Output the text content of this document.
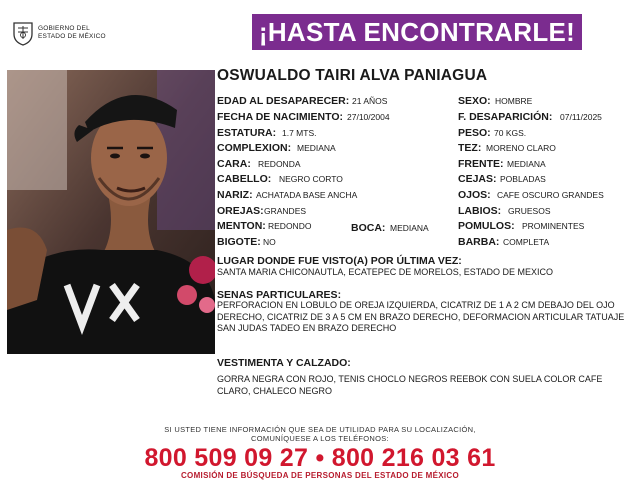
GOBIERNO DEL
ESTADO DE MÉXICO	¡HASTA ENCONTRARLE!
OSWUALDO TAIRI ALVA PANIAGUA
EDAD AL DESAPARECER: 21 AÑOS
FECHA DE NACIMIENTO: 27/10/2004
ESTATURA: 1.7 MTS.
COMPLEXION: MEDIANA
CARA: REDONDA
CABELLO: NEGRO CORTO
NARIZ: ACHATADA BASE ANCHA
OREJAS: GRANDES
MENTON: REDONDO	BOCA: MEDIANA
BIGOTE: NO
SEXO: HOMBRE
F. DESAPARICIÓN: 07/11/2025
PESO: 70 KGS.
TEZ: MORENO CLARO
FRENTE: MEDIANA
CEJAS: POBLADAS
OJOS: CAFE OSCURO GRANDES
LABIOS: GRUESOS
POMULOS: PROMINENTES
BARBA: COMPLETA
LUGAR DONDE FUE VISTO(A) POR ÚLTIMA VEZ:
SANTA MARIA CHICONAUTLA, ECATEPEC DE MORELOS, ESTADO DE MEXICO
SENAS PARTICULARES:
PERFORACION EN LOBULO DE OREJA IZQUIERDA, CICATRIZ DE 1 A 2 CM DEBAJO DEL OJO DERECHO, CICATRIZ DE 3 A 5 CM EN BRAZO DERECHO, DEFORMACION ARTICULAR TATUAJE SAN JUDAS TADEO EN BRAZO DERECHO
VESTIMENTA Y CALZADO:
GORRA NEGRA CON ROJO, TENIS CHOCLO NEGROS REEBOK CON SUELA COLOR CAFE CLARO, CHALECO NEGRO
SI USTED TIENE INFORMACIÓN QUE SEA DE UTILIDAD PARA SU LOCALIZACIÓN,
COMUNÍQUESE A LOS TELÉFONOS:
800 509 09 27 • 800 216 03 61
COMISIÓN DE BÚSQUEDA DE PERSONAS DEL ESTADO DE MÉXICO
